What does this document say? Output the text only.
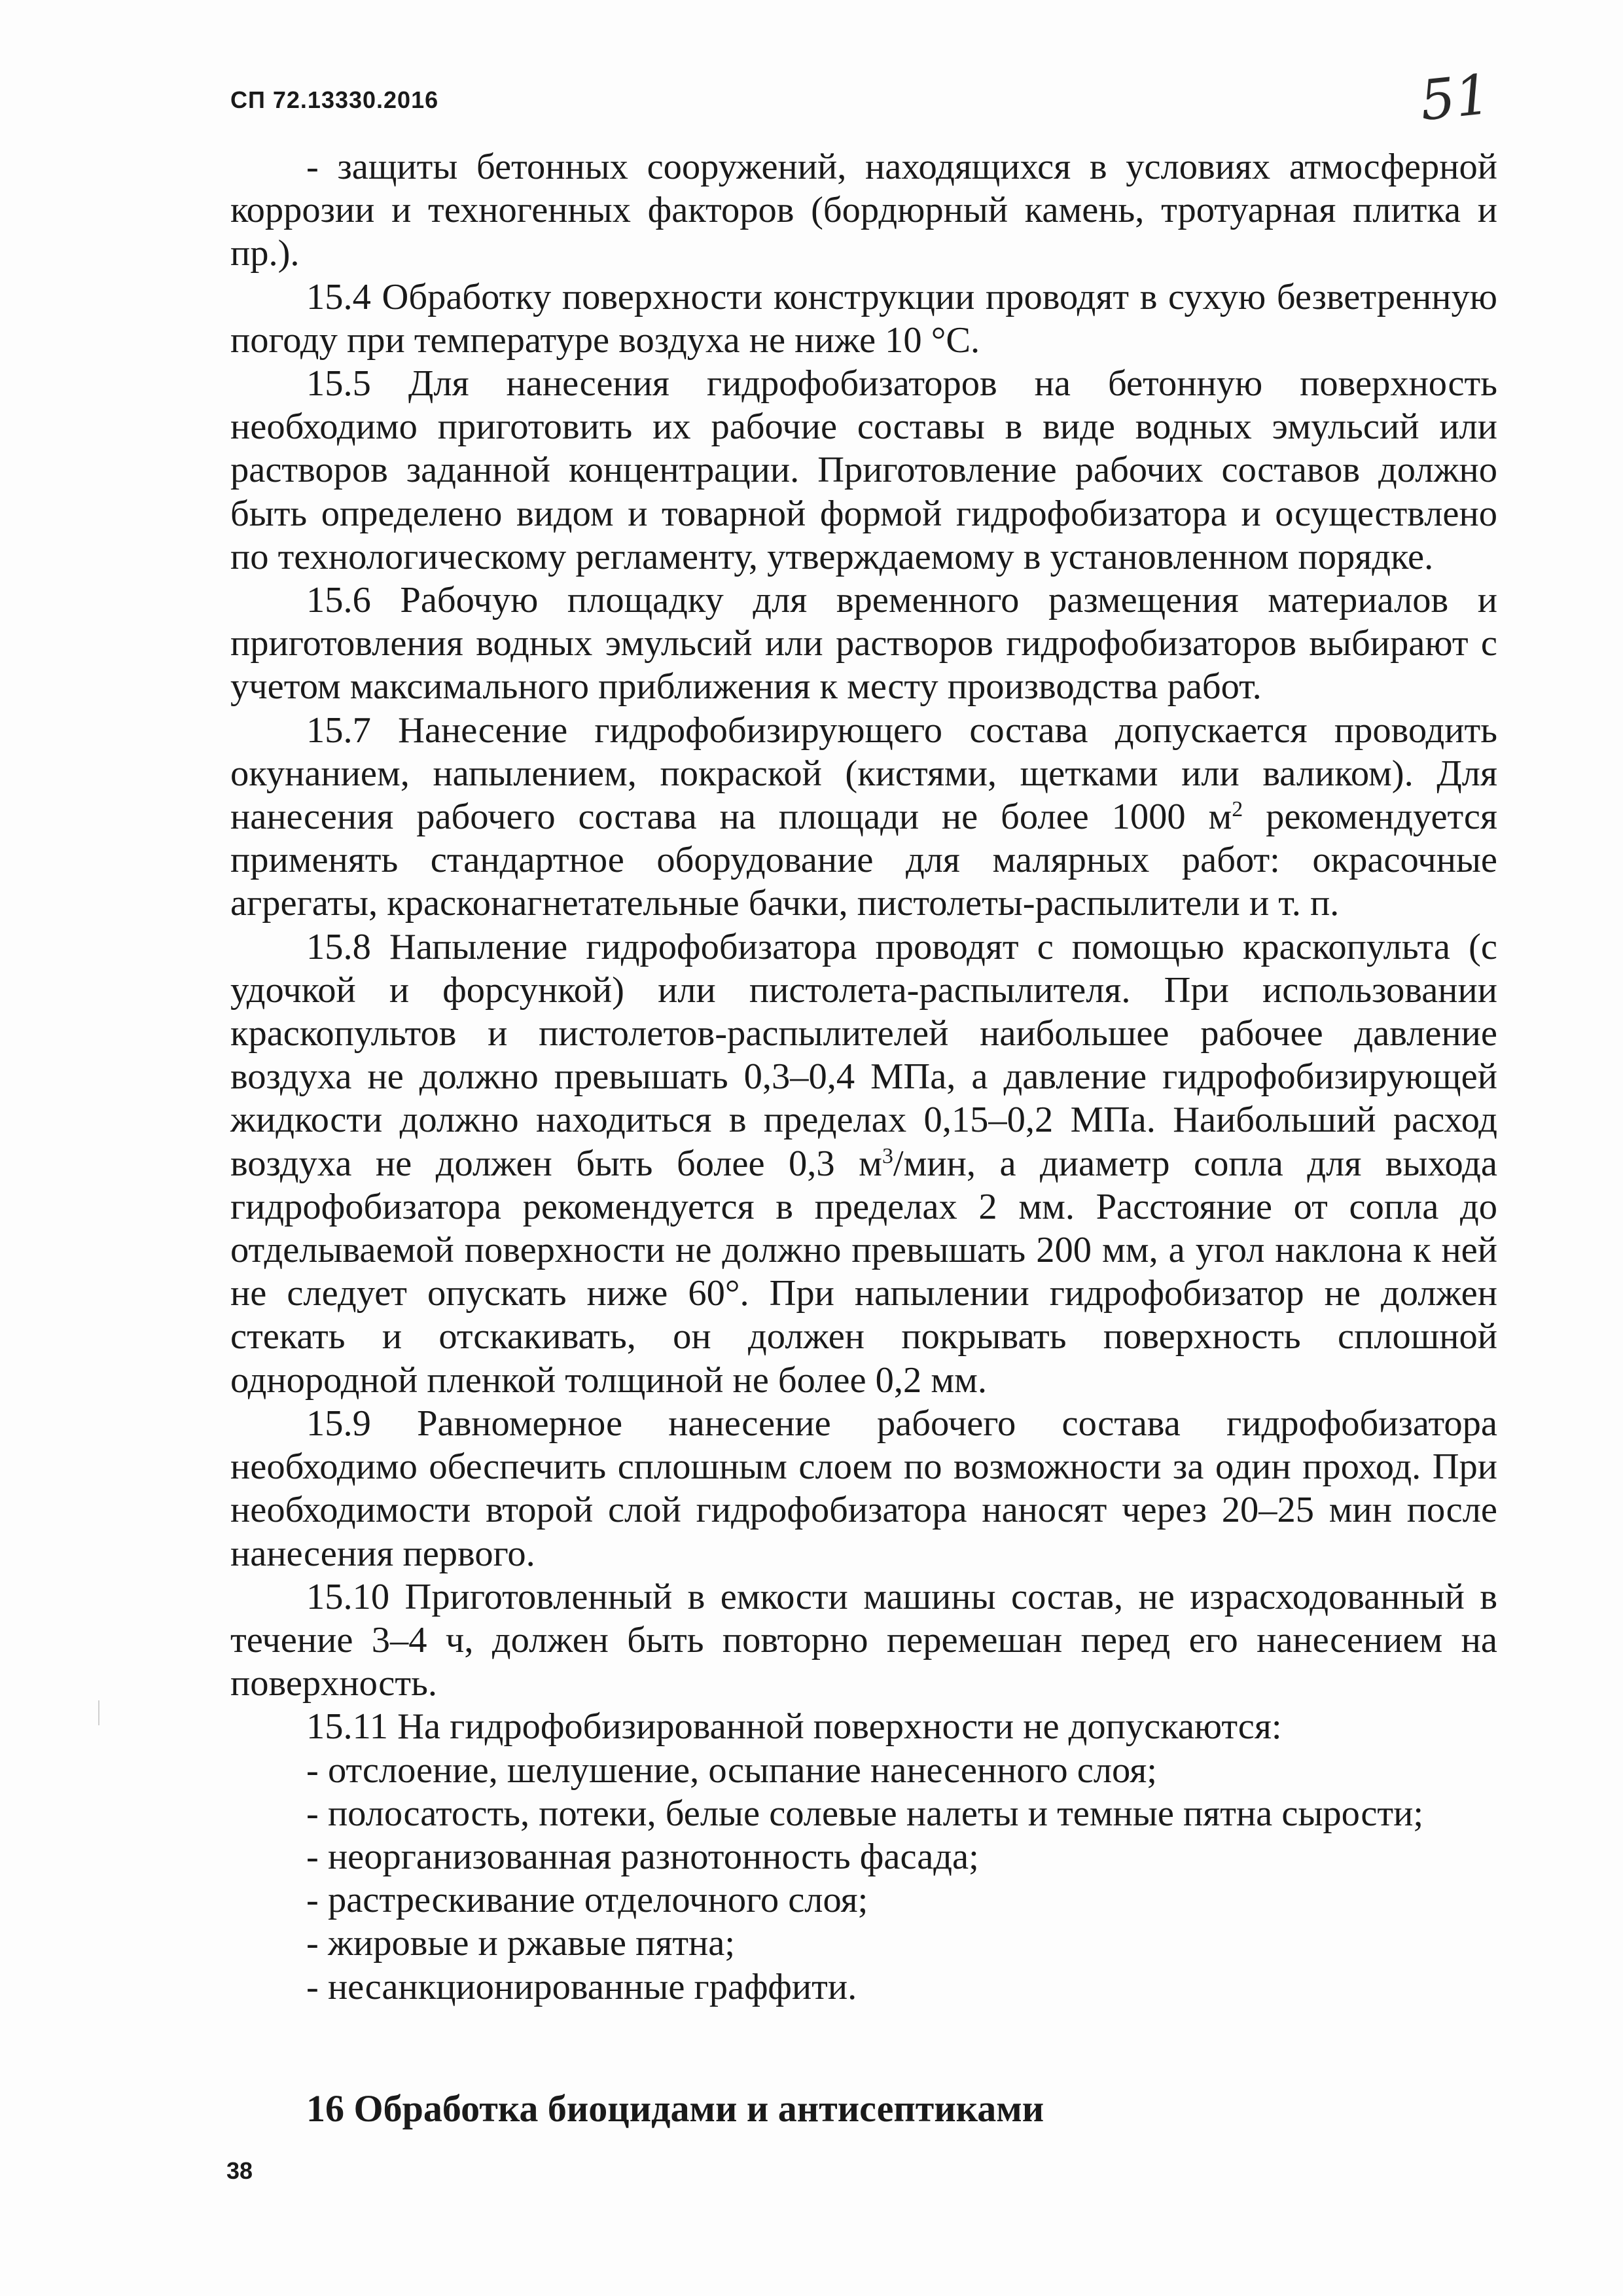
СП 72.13330.2016	51

- защиты бетонных сооружений, находящихся в условиях атмосферной коррозии и техногенных факторов (бордюрный камень, тротуарная плитка и пр.).

15.4 Обработку поверхности конструкции проводят в сухую безветренную погоду при температуре воздуха не ниже 10 °С.

15.5 Для нанесения гидрофобизаторов на бетонную поверхность необходимо приготовить их рабочие составы в виде водных эмульсий или растворов заданной концентрации. Приготовление рабочих составов должно быть определено видом и товарной формой гидрофобизатора и осуществлено по технологическому регламенту, утверждаемому в установленном порядке.

15.6 Рабочую площадку для временного размещения материалов и приготовления водных эмульсий или растворов гидрофобизаторов выбирают с учетом максимального приближения к месту производства работ.

15.7 Нанесение гидрофобизирующего состава допускается проводить окунанием, напылением, покраской (кистями, щетками или валиком). Для нанесения рабочего состава на площади не более 1000 $м^2$ рекомендуется применять стандартное оборудование для малярных работ: окрасочные агрегаты, красконагнетательные бачки, пистолеты-распылители и т. п.

15.8 Напыление гидрофобизатора проводят с помощью краскопульта (с удочкой и форсункой) или пистолета-распылителя. При использовании краскопультов и пистолетов-распылителей наибольшее рабочее давление воздуха не должно превышать 0,3–0,4 МПа, а давление гидрофобизирующей жидкости должно находиться в пределах 0,15–0,2 МПа. Наибольший расход воздуха не должен быть более 0,3 $м^3$/мин, а диаметр сопла для выхода гидрофобизатора рекомендуется в пределах 2 мм. Расстояние от сопла до отделываемой поверхности не должно превышать 200 мм, а угол наклона к ней не следует опускать ниже 60°. При напылении гидрофобизатор не должен стекать и отскакивать, он должен покрывать поверхность сплошной однородной пленкой толщиной не более 0,2 мм.

15.9 Равномерное нанесение рабочего состава гидрофобизатора необходимо обеспечить сплошным слоем по возможности за один проход. При необходимости второй слой гидрофобизатора наносят через 20–25 мин после нанесения первого.

15.10 Приготовленный в емкости машины состав, не израсходованный в течение 3–4 ч, должен быть повторно перемешан перед его нанесением на поверхность.

15.11 На гидрофобизированной поверхности не допускаются:

- отслоение, шелушение, осыпание нанесенного слоя;

- полосатость, потеки, белые солевые налеты и темные пятна сырости;

- неорганизованная разнотонность фасада;

- растрескивание отделочного слоя;

- жировые и ржавые пятна;

- несанкционированные граффити.

16 Обработка биоцидами и антисептиками
38
